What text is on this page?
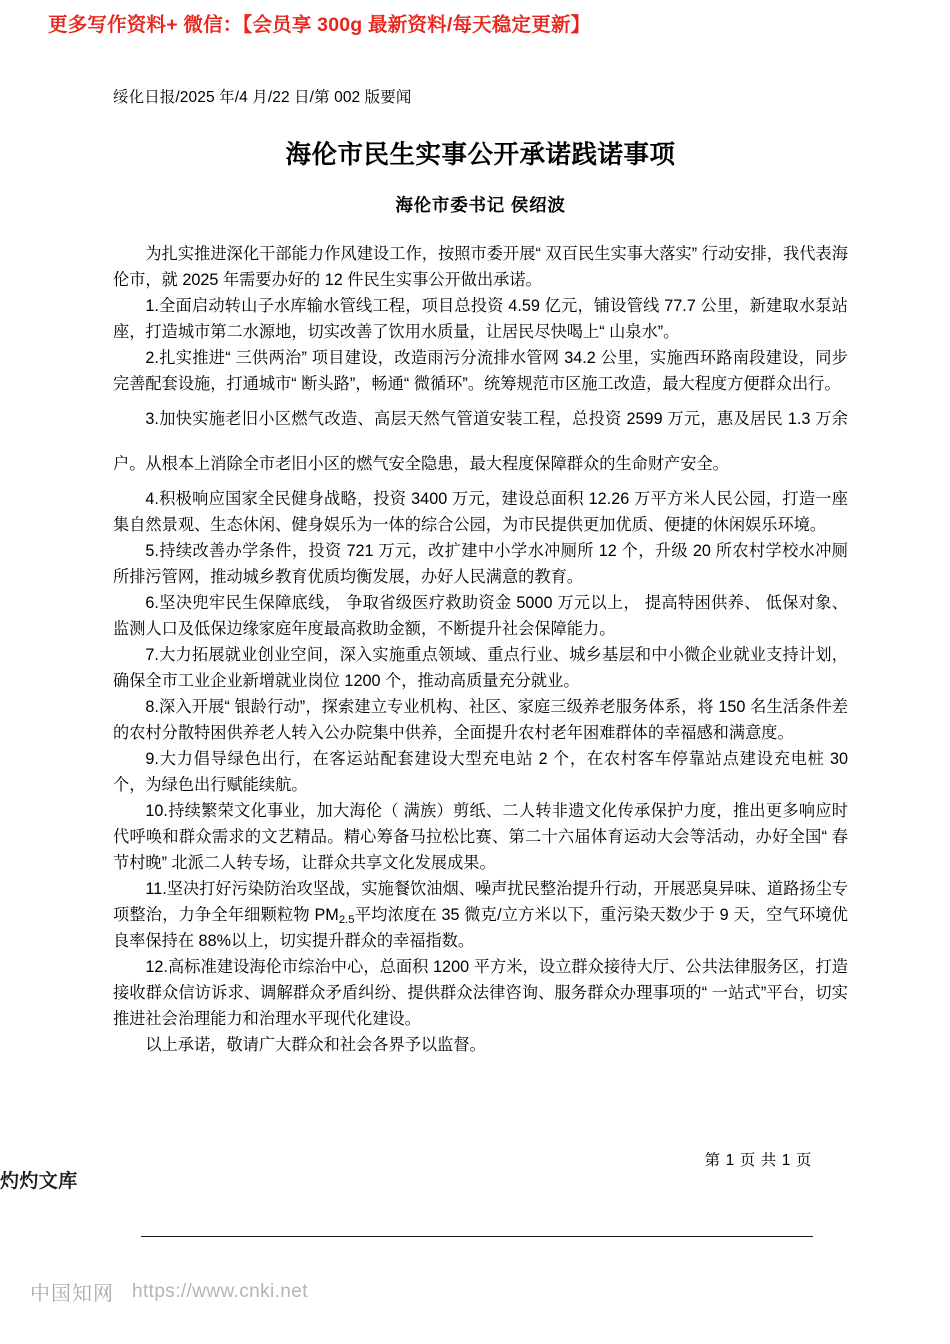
更多写作资料+ 微信：【会员享 300g 最新资料/每天稳定更新】
绥化日报/2025 年/4 月/22 日/第 002 版要闻
海伦市民生实事公开承诺践诺事项
海伦市委书记 侯绍波

为扎实推进深化干部能力作风建设工作，按照市委开展“ 双百民生实事大落实” 行动安排，我代表海伦市，就 2025 年需要办好的 12 件民生实事公开做出承诺。

1.全面启动转山子水库输水管线工程，项目总投资 4.59 亿元，铺设管线 77.7 公里，新建取水泵站座，打造城市第二水源地，切实改善了饮用水质量，让居民尽快喝上“ 山泉水”。

2.扎实推进“ 三供两治” 项目建设，改造雨污分流排水管网 34.2 公里，实施西环路南段建设，同步完善配套设施，打通城市“ 断头路”，畅通“ 微循环”。统筹规范市区施工改造，最大程度方便群众出行。

3.加快实施老旧小区燃气改造、高层天然气管道安装工程，总投资 2599 万元，惠及居民 1.3 万余户。从根本上消除全市老旧小区的燃气安全隐患，最大程度保障群众的生命财产安全。

4.积极响应国家全民健身战略，投资 3400 万元，建设总面积 12.26 万平方米人民公园，打造一座集自然景观、生态休闲、健身娱乐为一体的综合公园，为市民提供更加优质、便捷的休闲娱乐环境。

5.持续改善办学条件，投资 721 万元，改扩建中小学水冲厕所 12 个，升级 20 所农村学校水冲厕所排污管网，推动城乡教育优质均衡发展，办好人民满意的教育。

6.坚决兜牢民生保障底线， 争取省级医疗救助资金 5000 万元以上， 提高特困供养、 低保对象、监测人口及低保边缘家庭年度最高救助金额，不断提升社会保障能力。

7.大力拓展就业创业空间，深入实施重点领域、重点行业、城乡基层和中小微企业就业支持计划，确保全市工业企业新增就业岗位 1200 个，推动高质量充分就业。

8.深入开展“ 银龄行动”，探索建立专业机构、社区、家庭三级养老服务体系，将 150 名生活条件差的农村分散特困供养老人转入公办院集中供养，全面提升农村老年困难群体的幸福感和满意度。

9.大力倡导绿色出行，在客运站配套建设大型充电站 2 个，在农村客车停靠站点建设充电桩 30 个，为绿色出行赋能续航。

10.持续繁荣文化事业，加大海伦（ 满族）剪纸、二人转非遗文化传承保护力度，推出更多响应时代呼唤和群众需求的文艺精品。精心筹备马拉松比赛、第二十六届体育运动大会等活动，办好全国“ 春节村晚” 北派二人转专场，让群众共享文化发展成果。

11.坚决打好污染防治攻坚战，实施餐饮油烟、噪声扰民整治提升行动，开展恶臭异味、道路扬尘专项整治，力争全年细颗粒物 $PM_{2.5}$平均浓度在 35 微克/立方米以下，重污染天数少于 9 天，空气环境优良率保持在 88%以上，切实提升群众的幸福指数。

12.高标准建设海伦市综治中心，总面积 1200 平方米，设立群众接待大厅、公共法律服务区，打造接收群众信访诉求、调解群众矛盾纠纷、提供群众法律咨询、服务群众办理事项的“ 一站式”平台，切实推进社会治理能力和治理水平现代化建设。

以上承诺，敬请广大群众和社会各界予以监督。

第 1 页 共 1 页
灼灼文库
中国知网 https://www.cnki.net
